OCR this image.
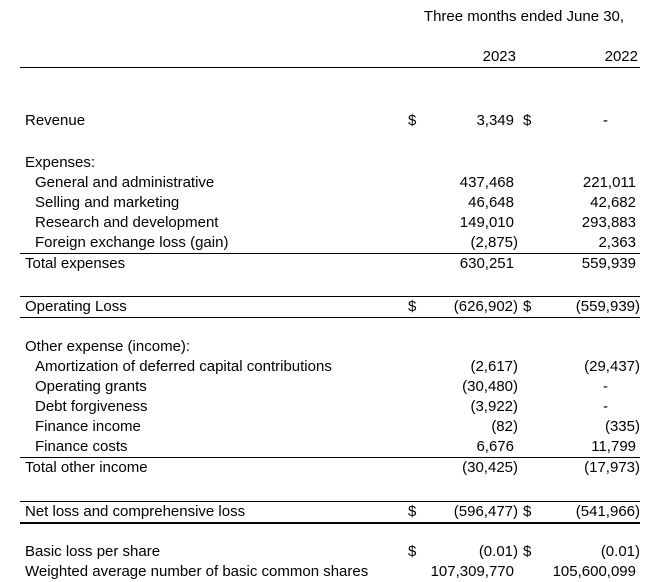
Three months ended June 30,
2023	2022
Revenue	$	3,349 $	-
Expenses:
General and administrative	437,468	221,011
Selling and marketing	46,648	42,682
Research and development	149,010	293,883
Foreign exchange loss (gain)	(2,875)	2,363
Total expenses	630,251	559,939
Operating Loss	$	(626,902) $	(559,939)
Other expense (income):
Amortization of deferred capital contributions	(2,617)	(29,437)
Operating grants	(30,480)	-
Debt forgiveness	(3,922)	-
Finance income	(82)	(335)
Finance costs	6,676	11,799
Total other income	(30,425)	(17,973)
Net loss and comprehensive loss	$	(596,477) $	(541,966)
Basic loss per share	$	(0.01) $	(0.01)
Weighted average number of basic common shares	107,309,770	105,600,099
